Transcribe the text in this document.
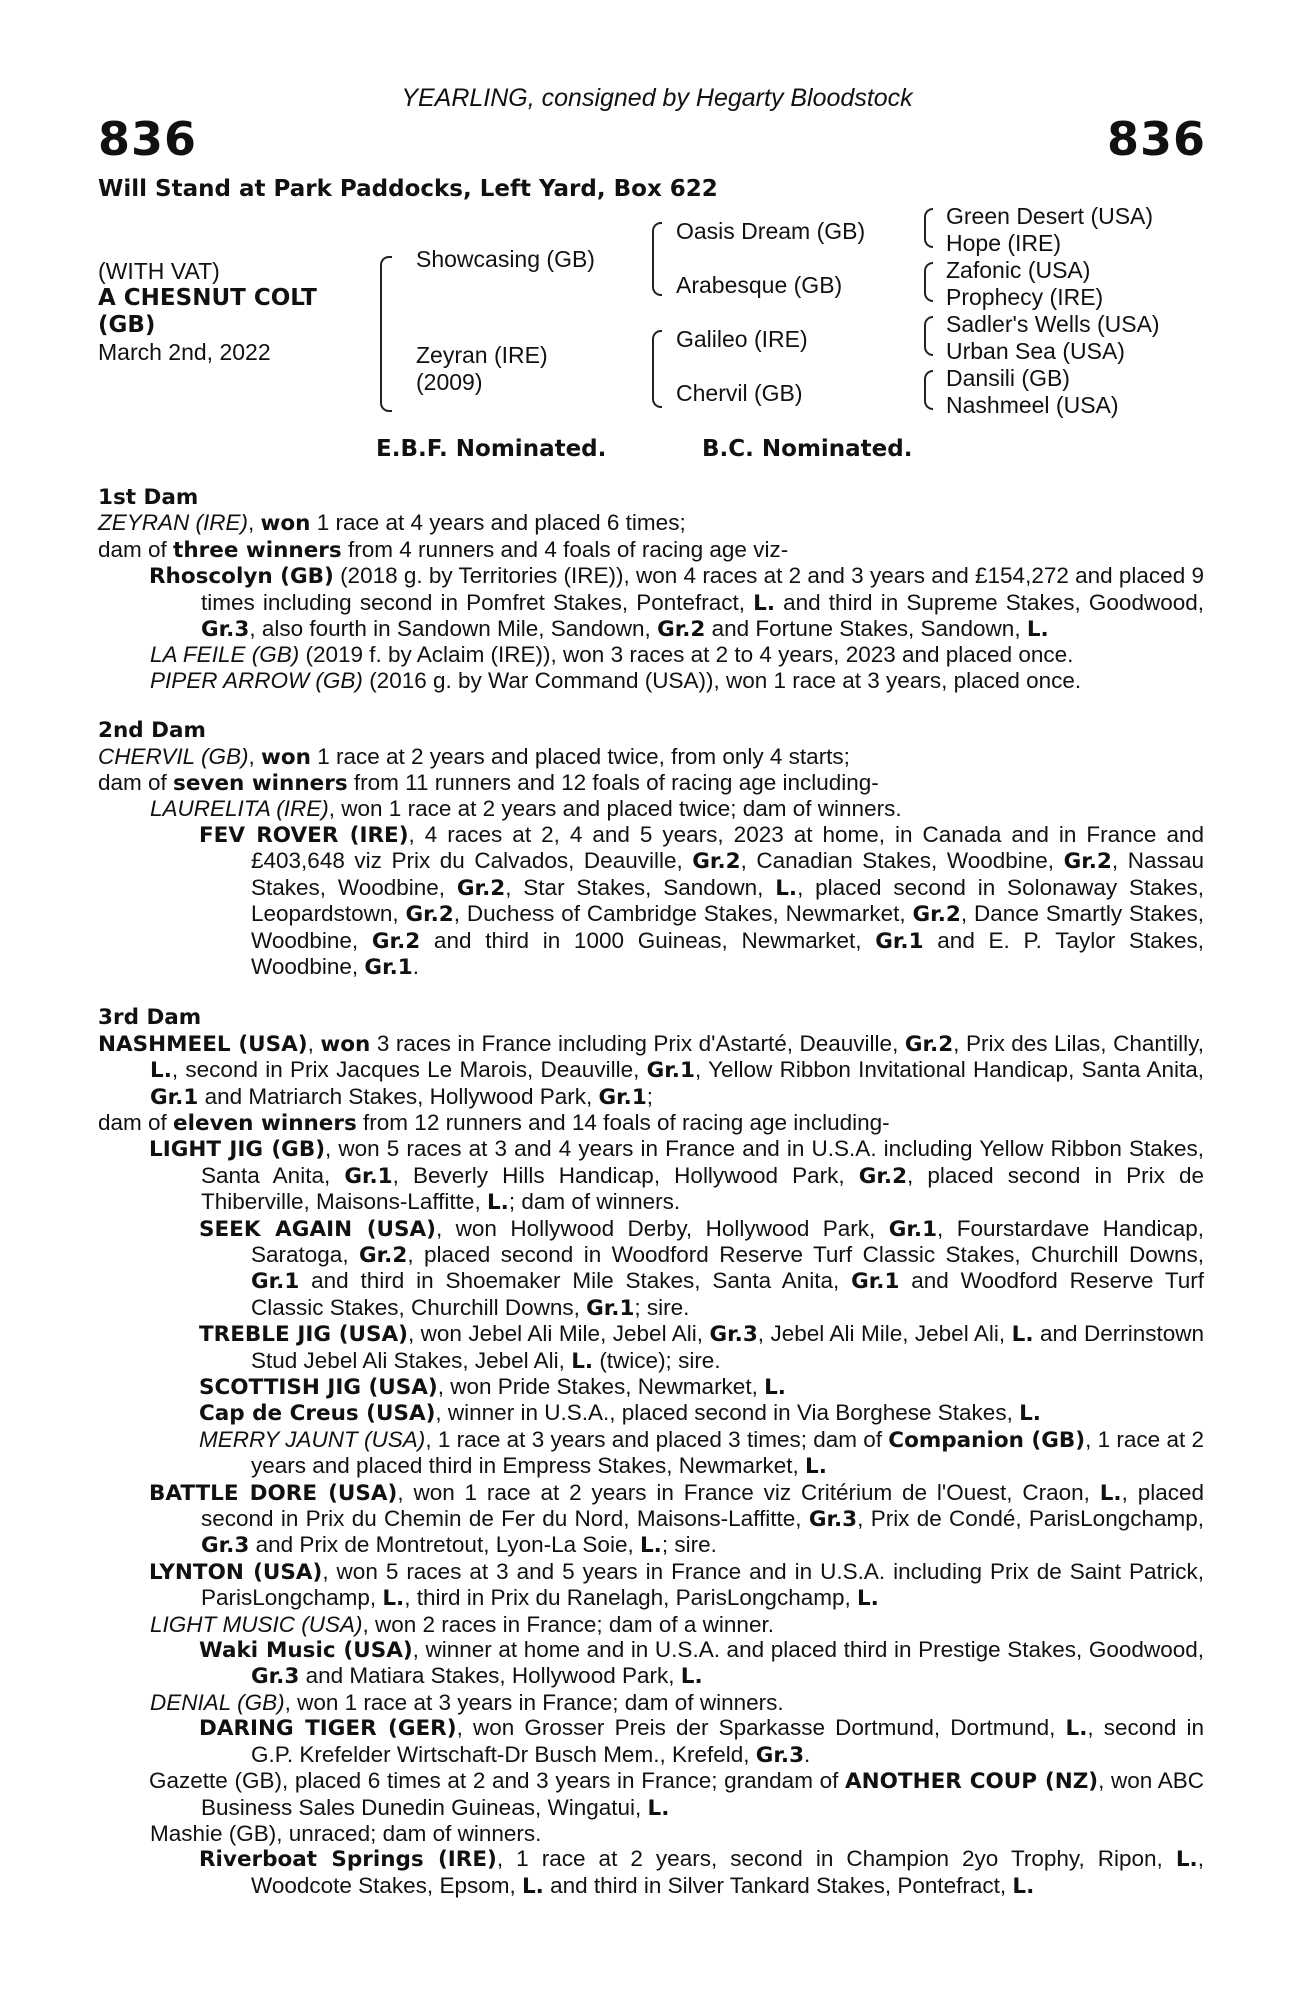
YEARLING, consigned by Hegarty Bloodstock
836	836
Will Stand at Park Paddocks, Left Yard, Box 622
(WITH VAT)
A CHESNUT COLT
(GB)
March 2nd, 2022
Showcasing (GB)
Zeyran (IRE)
(2009)
Oasis Dream (GB)
Arabesque (GB)
Galileo (IRE)
Chervil (GB)
Green Desert (USA)
Hope (IRE)
Zafonic (USA)
Prophecy (IRE)
Sadler's Wells (USA)
Urban Sea (USA)
Dansili (GB)
Nashmeel (USA)
E.B.F. Nominated.	B.C. Nominated.
1st Dam
ZEYRAN (IRE), won 1 race at 4 years and placed 6 times;
dam of three winners from 4 runners and 4 foals of racing age viz-
Rhoscolyn (GB) (2018 g. by Territories (IRE)), won 4 races at 2 and 3 years and £154,272 and placed 9 times including second in Pomfret Stakes, Pontefract, L. and third in Supreme Stakes, Goodwood, Gr.3, also fourth in Sandown Mile, Sandown, Gr.2 and Fortune Stakes, Sandown, L.
LA FEILE (GB) (2019 f. by Aclaim (IRE)), won 3 races at 2 to 4 years, 2023 and placed once.
PIPER ARROW (GB) (2016 g. by War Command (USA)), won 1 race at 3 years, placed once.
2nd Dam
CHERVIL (GB), won 1 race at 2 years and placed twice, from only 4 starts;
dam of seven winners from 11 runners and 12 foals of racing age including-
LAURELITA (IRE), won 1 race at 2 years and placed twice; dam of winners.
FEV ROVER (IRE), 4 races at 2, 4 and 5 years, 2023 at home, in Canada and in France and £403,648 viz Prix du Calvados, Deauville, Gr.2, Canadian Stakes, Woodbine, Gr.2, Nassau Stakes, Woodbine, Gr.2, Star Stakes, Sandown, L., placed second in Solonaway Stakes, Leopardstown, Gr.2, Duchess of Cambridge Stakes, Newmarket, Gr.2, Dance Smartly Stakes, Woodbine, Gr.2 and third in 1000 Guineas, Newmarket, Gr.1 and E. P. Taylor Stakes, Woodbine, Gr.1.
3rd Dam
NASHMEEL (USA), won 3 races in France including Prix d'Astarté, Deauville, Gr.2, Prix des Lilas, Chantilly, L., second in Prix Jacques Le Marois, Deauville, Gr.1, Yellow Ribbon Invitational Handicap, Santa Anita, Gr.1 and Matriarch Stakes, Hollywood Park, Gr.1;
dam of eleven winners from 12 runners and 14 foals of racing age including-
LIGHT JIG (GB), won 5 races at 3 and 4 years in France and in U.S.A. including Yellow Ribbon Stakes, Santa Anita, Gr.1, Beverly Hills Handicap, Hollywood Park, Gr.2, placed second in Prix de Thiberville, Maisons-Laffitte, L.; dam of winners.
SEEK AGAIN (USA), won Hollywood Derby, Hollywood Park, Gr.1, Fourstardave Handicap, Saratoga, Gr.2, placed second in Woodford Reserve Turf Classic Stakes, Churchill Downs, Gr.1 and third in Shoemaker Mile Stakes, Santa Anita, Gr.1 and Woodford Reserve Turf Classic Stakes, Churchill Downs, Gr.1; sire.
TREBLE JIG (USA), won Jebel Ali Mile, Jebel Ali, Gr.3, Jebel Ali Mile, Jebel Ali, L. and Derrinstown Stud Jebel Ali Stakes, Jebel Ali, L. (twice); sire.
SCOTTISH JIG (USA), won Pride Stakes, Newmarket, L.
Cap de Creus (USA), winner in U.S.A., placed second in Via Borghese Stakes, L.
MERRY JAUNT (USA), 1 race at 3 years and placed 3 times; dam of Companion (GB), 1 race at 2 years and placed third in Empress Stakes, Newmarket, L.
BATTLE DORE (USA), won 1 race at 2 years in France viz Critérium de l'Ouest, Craon, L., placed second in Prix du Chemin de Fer du Nord, Maisons-Laffitte, Gr.3, Prix de Condé, ParisLongchamp, Gr.3 and Prix de Montretout, Lyon-La Soie, L.; sire.
LYNTON (USA), won 5 races at 3 and 5 years in France and in U.S.A. including Prix de Saint Patrick, ParisLongchamp, L., third in Prix du Ranelagh, ParisLongchamp, L.
LIGHT MUSIC (USA), won 2 races in France; dam of a winner.
Waki Music (USA), winner at home and in U.S.A. and placed third in Prestige Stakes, Goodwood, Gr.3 and Matiara Stakes, Hollywood Park, L.
DENIAL (GB), won 1 race at 3 years in France; dam of winners.
DARING TIGER (GER), won Grosser Preis der Sparkasse Dortmund, Dortmund, L., second in G.P. Krefelder Wirtschaft-Dr Busch Mem., Krefeld, Gr.3.
Gazette (GB), placed 6 times at 2 and 3 years in France; grandam of ANOTHER COUP (NZ), won ABC Business Sales Dunedin Guineas, Wingatui, L.
Mashie (GB), unraced; dam of winners.
Riverboat Springs (IRE), 1 race at 2 years, second in Champion 2yo Trophy, Ripon, L., Woodcote Stakes, Epsom, L. and third in Silver Tankard Stakes, Pontefract, L.
